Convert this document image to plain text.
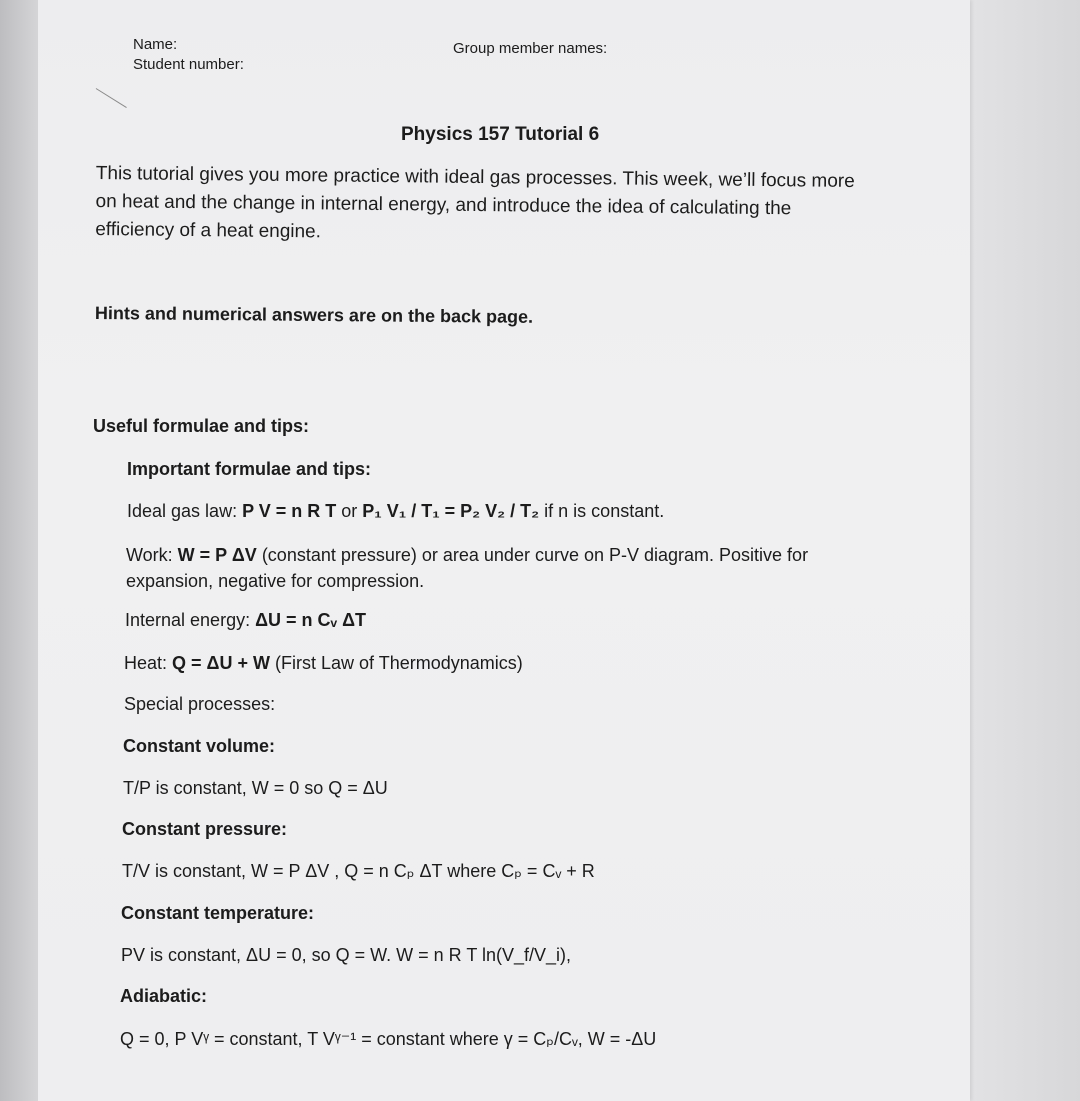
Name:
Student number:
Group member names:
Physics 157 Tutorial 6
This tutorial gives you more practice with ideal gas processes. This week, we’ll focus more on heat and the change in internal energy, and introduce the idea of calculating the efficiency of a heat engine.
Hints and numerical answers are on the back page.
Useful formulae and tips:
Important formulae and tips:
Ideal gas law: P V = n R T or P₁ V₁ / T₁ = P₂ V₂ / T₂ if n is constant.
Work: W = P ΔV (constant pressure) or area under curve on P-V diagram. Positive for
expansion, negative for compression.
Internal energy: ΔU = n Cᵥ ΔT
Heat: Q = ΔU + W (First Law of Thermodynamics)
Special processes:
Constant volume:
T/P is constant, W = 0 so Q = ΔU
Constant pressure:
T/V is constant, W = P ΔV , Q = n Cₚ ΔT where Cₚ = Cᵥ + R
Constant temperature:
PV is constant, ΔU = 0, so Q = W. W = n R T ln(V_f/V_i),
Adiabatic:
Q = 0, P Vᵞ = constant, T Vᵞ⁻¹ = constant where γ = Cₚ/Cᵥ, W = -ΔU
